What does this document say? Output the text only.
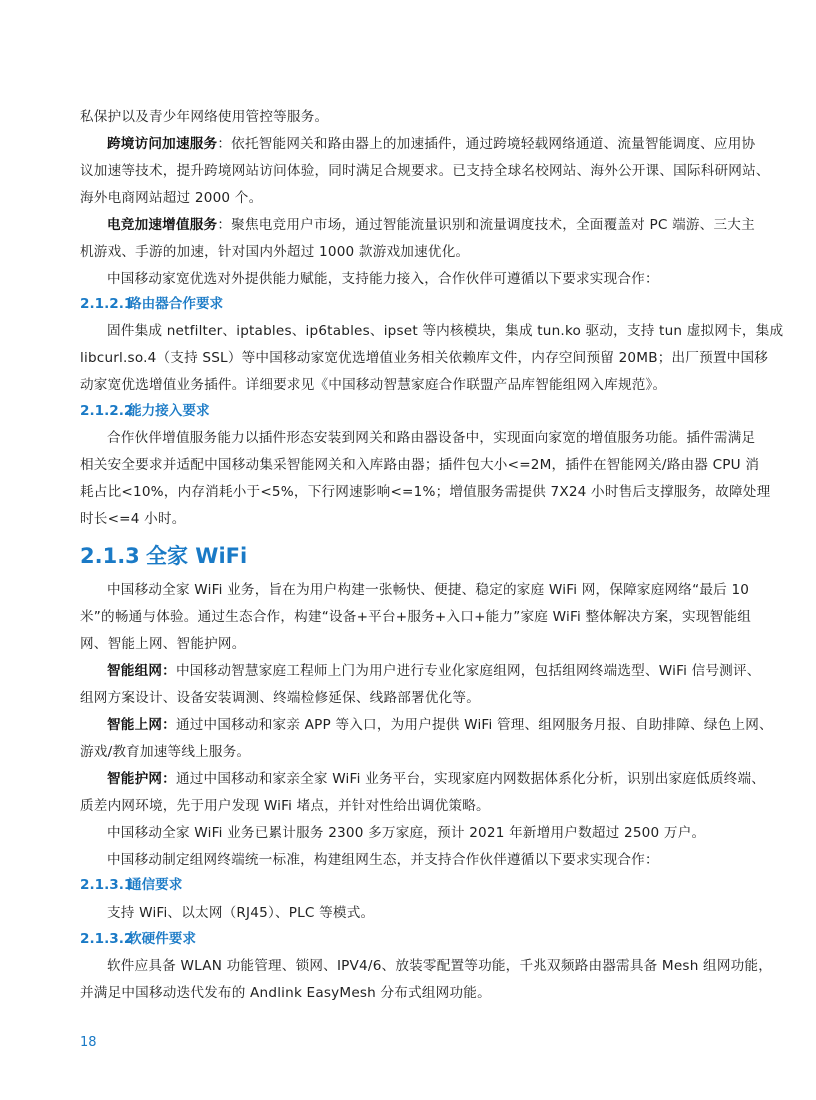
私保护以及青少年网络使用管控等服务。
跨境访问加速服务：依托智能网关和路由器上的加速插件，通过跨境轻载网络通道、流量智能调度、应用协
议加速等技术，提升跨境网站访问体验，同时满足合规要求。已支持全球名校网站、海外公开课、国际科研网站、
海外电商网站超过 2000 个。
电竞加速增值服务：聚焦电竞用户市场，通过智能流量识别和流量调度技术，全面覆盖对 PC 端游、三大主
机游戏、手游的加速，针对国内外超过 1000 款游戏加速优化。
中国移动家宽优选对外提供能力赋能，支持能力接入，合作伙伴可遵循以下要求实现合作：
2.1.2.1路由器合作要求
固件集成 netfilter、iptables、ip6tables、ipset 等内核模块，集成 tun.ko 驱动，支持 tun 虚拟网卡，集成
libcurl.so.4（支持 SSL）等中国移动家宽优选增值业务相关依赖库文件，内存空间预留 20MB；出厂预置中国移
动家宽优选增值业务插件。详细要求见《中国移动智慧家庭合作联盟产品库智能组网入库规范》。
2.1.2.2能力接入要求
合作伙伴增值服务能力以插件形态安装到网关和路由器设备中，实现面向家宽的增值服务功能。插件需满足
相关安全要求并适配中国移动集采智能网关和入库路由器；插件包大小<=2M，插件在智能网关/路由器 CPU 消
耗占比<10%，内存消耗小于<5%，下行网速影响<=1%；增值服务需提供 7X24 小时售后支撑服务，故障处理
时长<=4 小时。
2.1.3 全家 WiFi
中国移动全家 WiFi 业务，旨在为用户构建一张畅快、便捷、稳定的家庭 WiFi 网，保障家庭网络“最后 10
米”的畅通与体验。通过生态合作，构建“设备+平台+服务+入口+能力”家庭 WiFi 整体解决方案，实现智能组
网、智能上网、智能护网。
智能组网：中国移动智慧家庭工程师上门为用户进行专业化家庭组网，包括组网终端选型、WiFi 信号测评、
组网方案设计、设备安装调测、终端检修延保、线路部署优化等。
智能上网：通过中国移动和家亲 APP 等入口，为用户提供 WiFi 管理、组网服务月报、自助排障、绿色上网、
游戏/教育加速等线上服务。
智能护网：通过中国移动和家亲全家 WiFi 业务平台，实现家庭内网数据体系化分析，识别出家庭低质终端、
质差内网环境，先于用户发现 WiFi 堵点，并针对性给出调优策略。
中国移动全家 WiFi 业务已累计服务 2300 多万家庭，预计 2021 年新增用户数超过 2500 万户。
中国移动制定组网终端统一标准，构建组网生态，并支持合作伙伴遵循以下要求实现合作：
2.1.3.1通信要求
支持 WiFi、以太网（RJ45）、PLC 等模式。
2.1.3.2软硬件要求
软件应具备 WLAN 功能管理、锁网、IPV4/6、放装零配置等功能，千兆双频路由器需具备 Mesh 组网功能，
并满足中国移动迭代发布的 Andlink EasyMesh 分布式组网功能。
18
